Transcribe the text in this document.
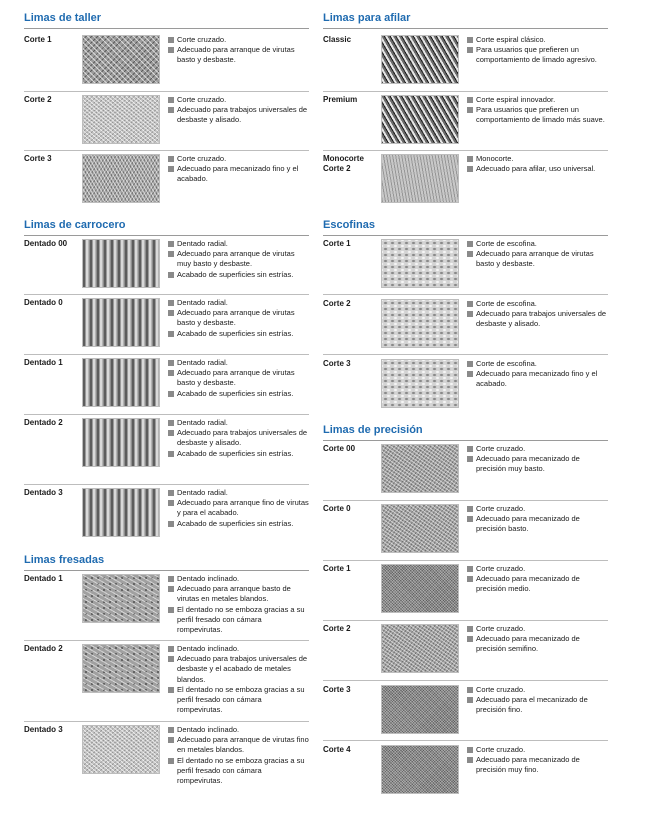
Limas de taller
Corte 1	Corte cruzado.
Adecuado para arranque de virutas basto y desbaste.
Corte 2	Corte cruzado.
Adecuado para trabajos universales de desbaste y alisado.
Corte 3	Corte cruzado.
Adecuado para mecanizado fino y el acabado.
Limas de carrocero
Dentado 00	Dentado radial.
Adecuado para arranque de virutas muy basto y desbaste.
Acabado de superficies sin estrías.
Dentado 0	Dentado radial.
Adecuado para arranque de virutas basto y desbaste.
Acabado de superficies sin estrías.
Dentado 1	Dentado radial.
Adecuado para arranque de virutas basto y desbaste.
Acabado de superficies sin estrías.
Dentado 2	Dentado radial.
Adecuado para trabajos universales de desbaste y alisado.
Acabado de superficies sin estrías.
Dentado 3	Dentado radial.
Adecuado para arranque fino de virutas y para el acabado.
Acabado de superficies sin estrías.
Limas fresadas
Dentado 1	Dentado inclinado.
Adecuado para arranque basto de virutas en metales blandos.
El dentado no se emboza gracias a su perfil fresado con cámara rompevirutas.
Dentado 2	Dentado inclinado.
Adecuado para trabajos universales de desbaste y el acabado de metales blandos.
El dentado no se emboza gracias a su perfil fresado con cámara rompevirutas.
Dentado 3	Dentado inclinado.
Adecuado para arranque de virutas fino en metales blandos.
El dentado no se emboza gracias a su perfil fresado con cámara rompevirutas.
Limas para afilar
Classic	Corte espiral clásico.
Para usuarios que prefieren un comportamiento de limado agresivo.
Premium	Corte espiral innovador.
Para usuarios que prefieren un comportamiento de limado más suave.
Monocorte Corte 2
Monocorte.
Adecuado para afilar, uso universal.
Escofinas
Corte 1	Corte de escofina.
Adecuado para arranque de virutas basto y desbaste.
Corte 2	Corte de escofina.
Adecuado para trabajos universales de desbaste y alisado.
Corte 3	Corte de escofina.
Adecuado para mecanizado fino y el acabado.
Limas de precisión
Corte 00	Corte cruzado.
Adecuado para mecanizado de precisión muy basto.
Corte 0	Corte cruzado.
Adecuado para mecanizado de precisión basto.
Corte 1	Corte cruzado.
Adecuado para mecanizado de precisión medio.
Corte 2	Corte cruzado.
Adecuado para mecanizado de precisión semifino.
Corte 3	Corte cruzado.
Adecuado para el mecanizado de precisión fino.
Corte 4	Corte cruzado.
Adecuado para mecanizado de precisión muy fino.
